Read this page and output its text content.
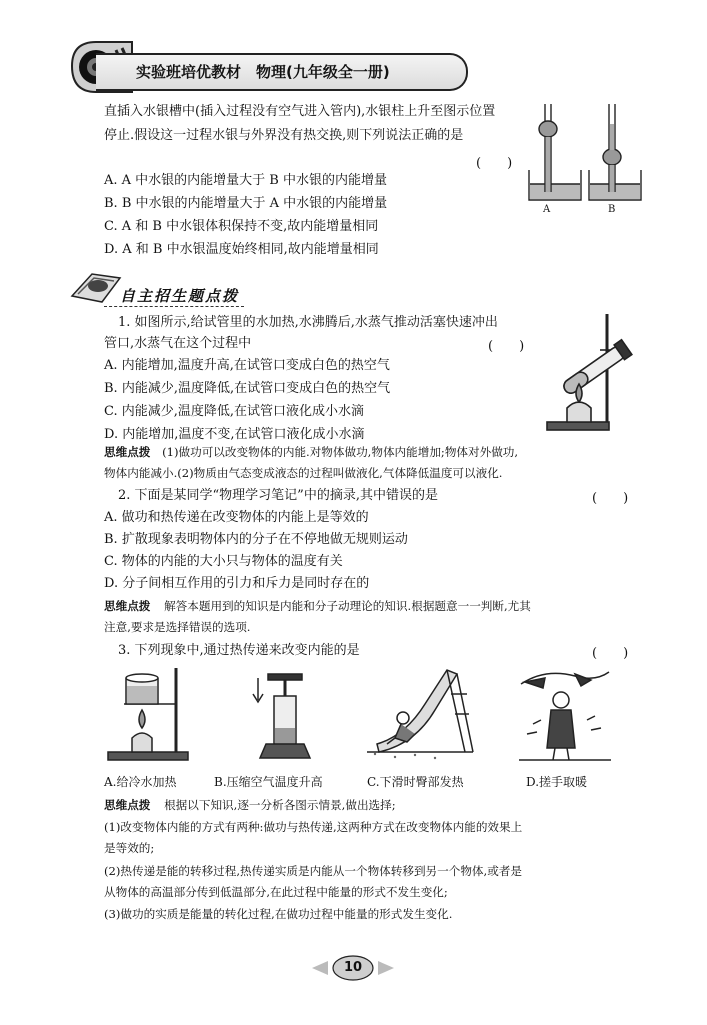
实验班培优教材　物理(九年级全一册)
直插入水银槽中(插入过程没有空气进入管内),水银柱上升至图示位置
停止.假设这一过程水银与外界没有热交换,则下列说法正确的是
(　　)
A. A 中水银的内能增量大于 B 中水银的内能增量
B. B 中水银的内能增量大于 A 中水银的内能增量
C. A 和 B 中水银体积保持不变,故内能增量相同
D. A 和 B 中水银温度始终相同,故内能增量相同
A	B
自主招生题点拨
1. 如图所示,给试管里的水加热,水沸腾后,水蒸气推动活塞快速冲出
管口,水蒸气在这个过程中	(　　)
A. 内能增加,温度升高,在试管口变成白色的热空气
B. 内能减少,温度降低,在试管口变成白色的热空气
C. 内能减少,温度降低,在试管口液化成小水滴
D. 内能增加,温度不变,在试管口液化成小水滴
思维点拨 (1)做功可以改变物体的内能.对物体做功,物体内能增加;物体对外做功,
物体内能减小.(2)物质由气态变成液态的过程叫做液化,气体降低温度可以液化.
2. 下面是某同学“物理学习笔记”中的摘录,其中错误的是	(　　)
A. 做功和热传递在改变物体的内能上是等效的
B. 扩散现象表明物体内的分子在不停地做无规则运动
C. 物体的内能的大小只与物体的温度有关
D. 分子间相互作用的引力和斥力是同时存在的
思维点拨 解答本题用到的知识是内能和分子动理论的知识.根据题意一一判断,尤其
注意,要求是选择错误的选项.
3. 下列现象中,通过热传递来改变内能的是	(　　)
A.给冷水加热	B.压缩空气温度升高	C.下滑时臀部发热	D.搓手取暖
思维点拨 根据以下知识,逐一分析各图示情景,做出选择;
(1)改变物体内能的方式有两种:做功与热传递,这两种方式在改变物体内能的效果上
是等效的;
(2)热传递是能的转移过程,热传递实质是内能从一个物体转移到另一个物体,或者是
从物体的高温部分传到低温部分,在此过程中能量的形式不发生变化;
(3)做功的实质是能量的转化过程,在做功过程中能量的形式发生变化.
10
